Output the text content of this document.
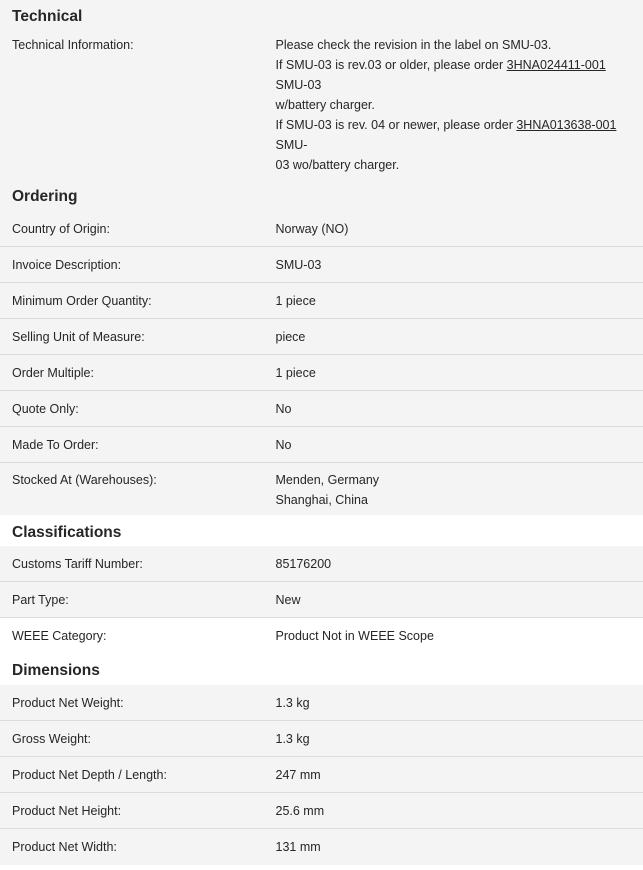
Technical
Technical Information:	Please check the revision in the label on SMU-03.
If SMU-03 is rev.03 or older, please order 3HNA024411-001
SMU-03
w/battery charger.
If SMU-03 is rev. 04 or newer, please order 3HNA013638-001
SMU-
03 wo/battery charger.
Ordering
Country of Origin:	Norway (NO)
Invoice Description:	SMU-03
Minimum Order Quantity:	1 piece
Selling Unit of Measure:	piece
Order Multiple:	1 piece
Quote Only:	No
Made To Order:	No
Stocked At (Warehouses):	Menden, Germany
Shanghai, China
Classifications
Customs Tariff Number:	85176200
Part Type:	New
WEEE Category:	Product Not in WEEE Scope
Dimensions
Product Net Weight:	1.3 kg
Gross Weight:	1.3 kg
Product Net Depth / Length:	247 mm
Product Net Height:	25.6 mm
Product Net Width:	131 mm
